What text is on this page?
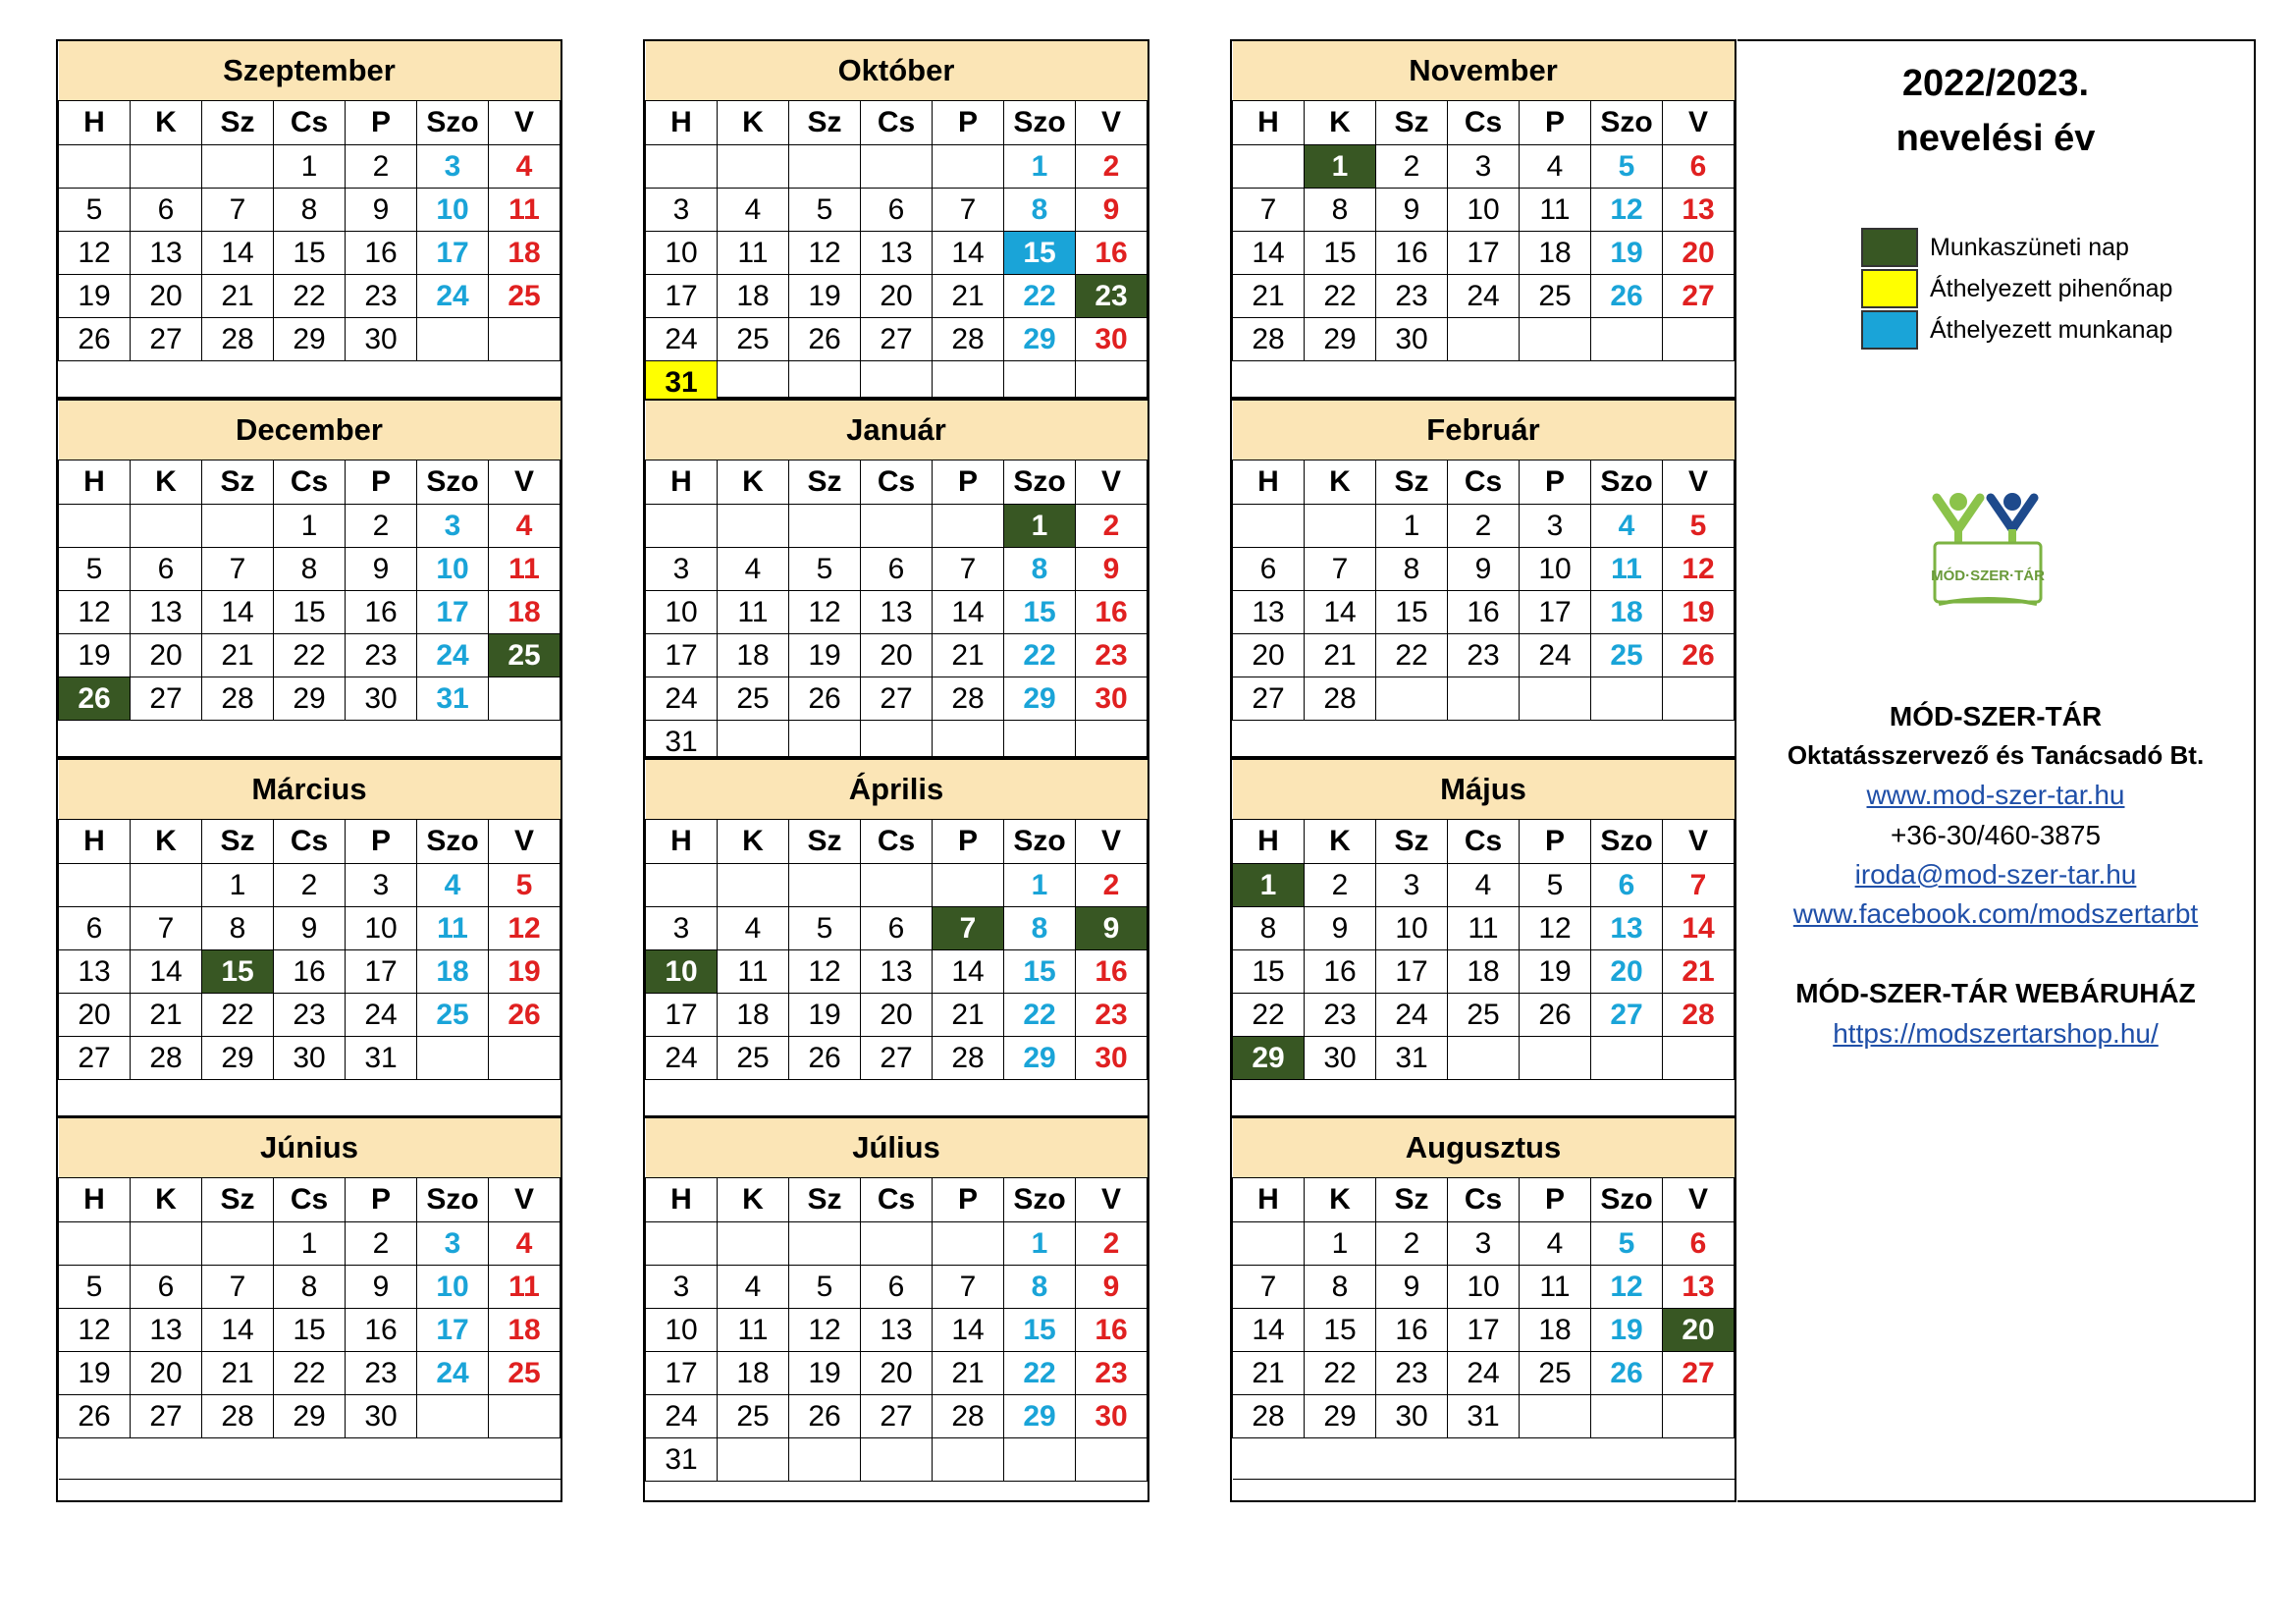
Szeptember						
H	K	Sz	Cs	P	Szo	V
			1	2	3	4
5	6	7	8	9	10	11
12	13	14	15	16	17	18
19	20	21	22	23	24	25
26	27	28	29	30		

Október						
H	K	Sz	Cs	P	Szo	V
					1	2
3	4	5	6	7	8	9
10	11	12	13	14	15	16
17	18	19	20	21	22	23
24	25	26	27	28	29	30
31						
November						
H	K	Sz	Cs	P	Szo	V
	1	2	3	4	5	6
7	8	9	10	11	12	13
14	15	16	17	18	19	20
21	22	23	24	25	26	27
28	29	30				

December						
H	K	Sz	Cs	P	Szo	V
			1	2	3	4
5	6	7	8	9	10	11
12	13	14	15	16	17	18
19	20	21	22	23	24	25
26	27	28	29	30	31	

Január						
H	K	Sz	Cs	P	Szo	V
					1	2
3	4	5	6	7	8	9
10	11	12	13	14	15	16
17	18	19	20	21	22	23
24	25	26	27	28	29	30
31						
Február						
H	K	Sz	Cs	P	Szo	V
		1	2	3	4	5
6	7	8	9	10	11	12
13	14	15	16	17	18	19
20	21	22	23	24	25	26
27	28					

Március						
H	K	Sz	Cs	P	Szo	V
		1	2	3	4	5
6	7	8	9	10	11	12
13	14	15	16	17	18	19
20	21	22	23	24	25	26
27	28	29	30	31		

Április						
H	K	Sz	Cs	P	Szo	V
					1	2
3	4	5	6	7	8	9
10	11	12	13	14	15	16
17	18	19	20	21	22	23
24	25	26	27	28	29	30

Május						
H	K	Sz	Cs	P	Szo	V
1	2	3	4	5	6	7
8	9	10	11	12	13	14
15	16	17	18	19	20	21
22	23	24	25	26	27	28
29	30	31				

Június						
H	K	Sz	Cs	P	Szo	V
			1	2	3	4
5	6	7	8	9	10	11
12	13	14	15	16	17	18
19	20	21	22	23	24	25
26	27	28	29	30		

Július						
H	K	Sz	Cs	P	Szo	V
					1	2
3	4	5	6	7	8	9
10	11	12	13	14	15	16
17	18	19	20	21	22	23
24	25	26	27	28	29	30
31						
Augusztus						
H	K	Sz	Cs	P	Szo	V
	1	2	3	4	5	6
7	8	9	10	11	12	13
14	15	16	17	18	19	20
21	22	23	24	25	26	27
28	29	30	31			

2022/2023.
nevelési év
Munkaszüneti nap
Áthelyezett pihenőnap
Áthelyezett munkanap
MÓD·SZER·TÁR
MÓD-SZER-TÁR
Oktatásszervező és Tanácsadó Bt.
www.mod-szer-tar.hu
+36-30/460-3875
iroda@mod-szer-tar.hu
www.facebook.com/modszertarbt
MÓD-SZER-TÁR WEBÁRUHÁZ
https://modszertarshop.hu/
